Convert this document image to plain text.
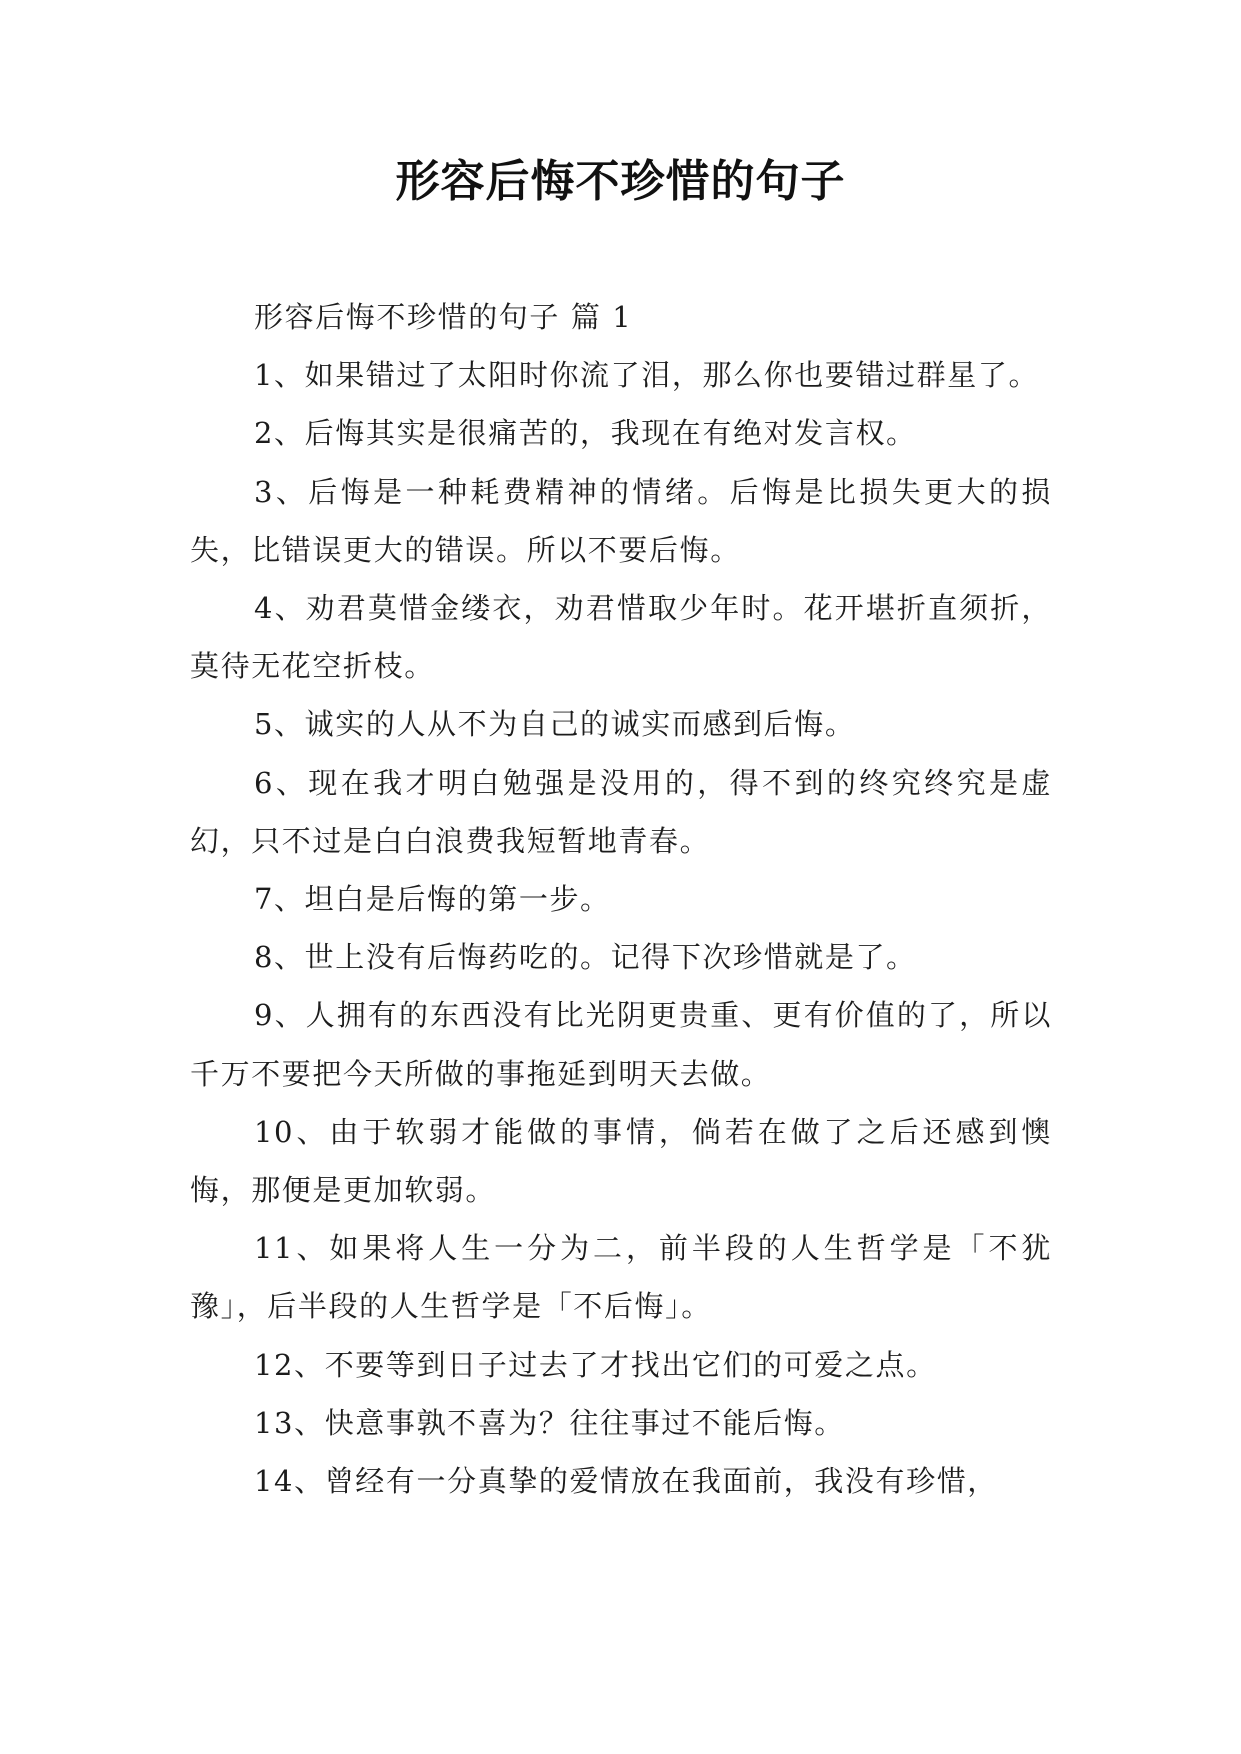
形容后悔不珍惜的句子

形容后悔不珍惜的句子 篇 1

1、如果错过了太阳时你流了泪，那么你也要错过群星了。

2、后悔其实是很痛苦的，我现在有绝对发言权。

3、后悔是一种耗费精神的情绪。后悔是比损失更大的损失，比错误更大的错误。所以不要后悔。

4、劝君莫惜金缕衣，劝君惜取少年时。花开堪折直须折，莫待无花空折枝。

5、诚实的人从不为自己的诚实而感到后悔。

6、现在我才明白勉强是没用的，得不到的终究终究是虚幻，只不过是白白浪费我短暂地青春。

7、坦白是后悔的第一步。

8、世上没有后悔药吃的。记得下次珍惜就是了。

9、人拥有的东西没有比光阴更贵重、更有价值的了，所以千万不要把今天所做的事拖延到明天去做。

10、由于软弱才能做的事情，倘若在做了之后还感到懊悔，那便是更加软弱。

11、如果将人生一分为二，前半段的人生哲学是「不犹豫」，后半段的人生哲学是「不后悔」。

12、不要等到日子过去了才找出它们的可爱之点。

13、快意事孰不喜为？往往事过不能后悔。

14、曾经有一分真挚的爱情放在我面前，我没有珍惜，
